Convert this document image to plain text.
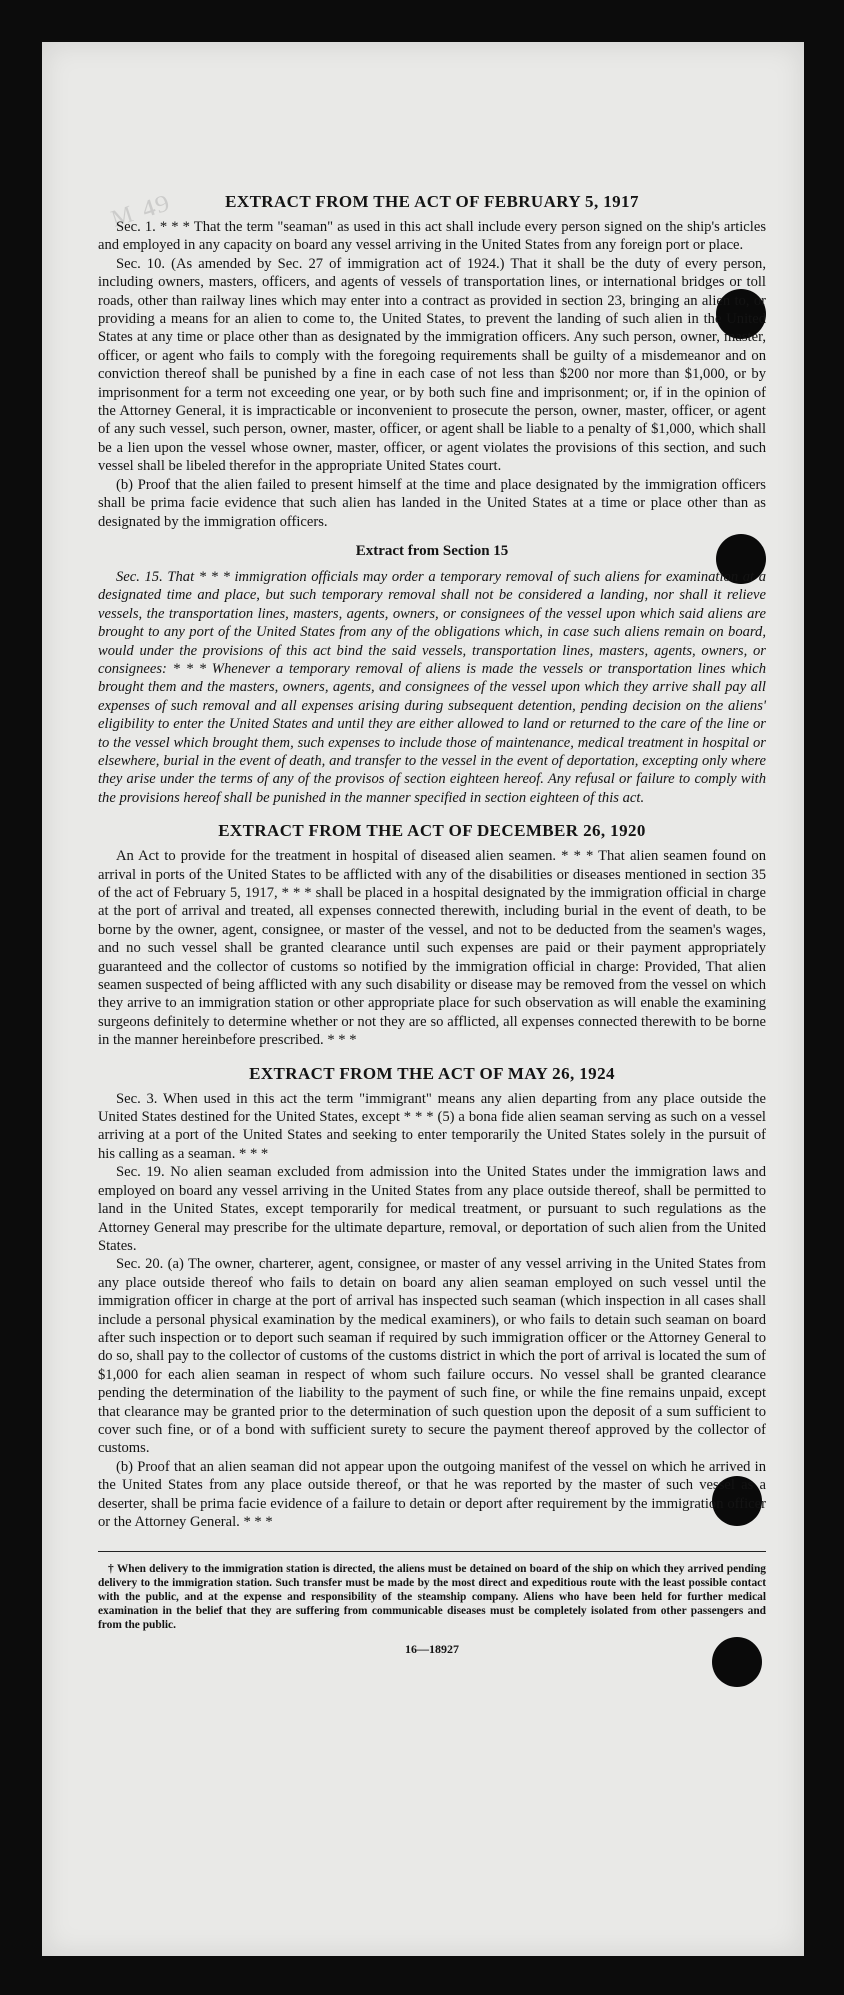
ᴹ ⁴⁹	EXTRACT FROM THE ACT OF FEBRUARY 5, 1917

Sec. 1. * * * That the term "seaman" as used in this act shall include every person signed on the ship's articles and employed in any capacity on board any vessel arriving in the United States from any foreign port or place.

Sec. 10. (As amended by Sec. 27 of immigration act of 1924.) That it shall be the duty of every person, including owners, masters, officers, and agents of vessels of transportation lines, or international bridges or toll roads, other than railway lines which may enter into a contract as provided in section 23, bringing an alien to, or providing a means for an alien to come to, the United States, to prevent the landing of such alien in the United States at any time or place other than as designated by the immigration officers. Any such person, owner, master, officer, or agent who fails to comply with the foregoing requirements shall be guilty of a misdemeanor and on conviction thereof shall be punished by a fine in each case of not less than $200 nor more than $1,000, or by imprisonment for a term not exceeding one year, or by both such fine and imprisonment; or, if in the opinion of the Attorney General, it is impracticable or inconvenient to prosecute the person, owner, master, officer, or agent of any such vessel, such person, owner, master, officer, or agent shall be liable to a penalty of $1,000, which shall be a lien upon the vessel whose owner, master, officer, or agent violates the provisions of this section, and such vessel shall be libeled therefor in the appropriate United States court.

(b) Proof that the alien failed to present himself at the time and place designated by the immigration officers shall be prima facie evidence that such alien has landed in the United States at a time or place other than as designated by the immigration officers.

Extract from Section 15

Sec. 15. That * * * immigration officials may order a temporary removal of such aliens for examination at a designated time and place, but such temporary removal shall not be considered a landing, nor shall it relieve vessels, the transportation lines, masters, agents, owners, or consignees of the vessel upon which said aliens are brought to any port of the United States from any of the obligations which, in case such aliens remain on board, would under the provisions of this act bind the said vessels, transportation lines, masters, agents, owners, or consignees: * * * Whenever a temporary removal of aliens is made the vessels or transportation lines which brought them and the masters, owners, agents, and consignees of the vessel upon which they arrive shall pay all expenses of such removal and all expenses arising during subsequent detention, pending decision on the aliens' eligibility to enter the United States and until they are either allowed to land or returned to the care of the line or to the vessel which brought them, such expenses to include those of maintenance, medical treatment in hospital or elsewhere, burial in the event of death, and transfer to the vessel in the event of deportation, excepting only where they arise under the terms of any of the provisos of section eighteen hereof. Any refusal or failure to comply with the provisions hereof shall be punished in the manner specified in section eighteen of this act.

EXTRACT FROM THE ACT OF DECEMBER 26, 1920

An Act to provide for the treatment in hospital of diseased alien seamen. * * * That alien seamen found on arrival in ports of the United States to be afflicted with any of the disabilities or diseases mentioned in section 35 of the act of February 5, 1917, * * * shall be placed in a hospital designated by the immigration official in charge at the port of arrival and treated, all expenses connected therewith, including burial in the event of death, to be borne by the owner, agent, consignee, or master of the vessel, and not to be deducted from the seamen's wages, and no such vessel shall be granted clearance until such expenses are paid or their payment appropriately guaranteed and the collector of customs so notified by the immigration official in charge: Provided, That alien seamen suspected of being afflicted with any such disability or disease may be removed from the vessel on which they arrive to an immigration station or other appropriate place for such observation as will enable the examining surgeons definitely to determine whether or not they are so afflicted, all expenses connected therewith to be borne in the manner hereinbefore prescribed. * * *

EXTRACT FROM THE ACT OF MAY 26, 1924

Sec. 3. When used in this act the term "immigrant" means any alien departing from any place outside the United States destined for the United States, except * * * (5) a bona fide alien seaman serving as such on a vessel arriving at a port of the United States and seeking to enter temporarily the United States solely in the pursuit of his calling as a seaman. * * *

Sec. 19. No alien seaman excluded from admission into the United States under the immigration laws and employed on board any vessel arriving in the United States from any place outside thereof, shall be permitted to land in the United States, except temporarily for medical treatment, or pursuant to such regulations as the Attorney General may prescribe for the ultimate departure, removal, or deportation of such alien from the United States.

Sec. 20. (a) The owner, charterer, agent, consignee, or master of any vessel arriving in the United States from any place outside thereof who fails to detain on board any alien seaman employed on such vessel until the immigration officer in charge at the port of arrival has inspected such seaman (which inspection in all cases shall include a personal physical examination by the medical examiners), or who fails to detain such seaman on board after such inspection or to deport such seaman if required by such immigration officer or the Attorney General to do so, shall pay to the collector of customs of the customs district in which the port of arrival is located the sum of $1,000 for each alien seaman in respect of whom such failure occurs. No vessel shall be granted clearance pending the determination of the liability to the payment of such fine, or while the fine remains unpaid, except that clearance may be granted prior to the determination of such question upon the deposit of a sum sufficient to cover such fine, or of a bond with sufficient surety to secure the payment thereof approved by the collector of customs.

(b) Proof that an alien seaman did not appear upon the outgoing manifest of the vessel on which he arrived in the United States from any place outside thereof, or that he was reported by the master of such vessel as a deserter, shall be prima facie evidence of a failure to detain or deport after requirement by the immigration officer or the Attorney General. * * *

† When delivery to the immigration station is directed, the aliens must be detained on board of the ship on which they arrived pending delivery to the immigration station. Such transfer must be made by the most direct and expeditious route with the least possible contact with the public, and at the expense and responsibility of the steamship company. Aliens who have been held for further medical examination in the belief that they are suffering from communicable diseases must be completely isolated from other passengers and from the public.

16—18927
